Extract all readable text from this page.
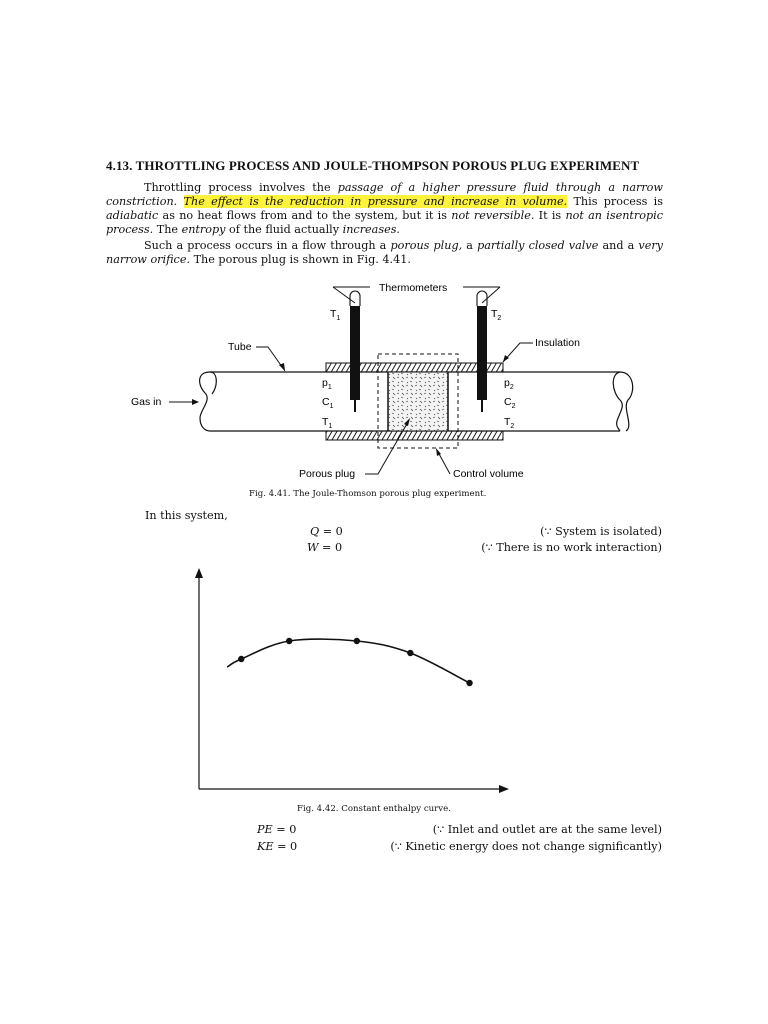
4.13. THROTTLING PROCESS AND JOULE-THOMPSON POROUS PLUG EXPERIMENT
Throttling process involves the passage of a higher pressure fluid through a narrow constriction. The effect is the reduction in pressure and increase in volume. This process is adiabatic as no heat flows from and to the system, but it is not reversible. It is not an isentropic process. The entropy of the fluid actually increases.
Such a process occurs in a flow through a porous plug, a partially closed valve and a very narrow orifice. The porous plug is shown in Fig. 4.41.
Thermometers
$T_1$	$T_2$
Tube	Insulation
Gas in
$p_1$
$C_1$
$T_1$
$p_2$
$C_2$
$T_2$
Porous plug	Control volume
Fig. 4.41. The Joule-Thomson porous plug experiment.
In this system,
Q = 0	(∵ System is isolated)
W = 0	(∵ There is no work interaction)
Fig. 4.42. Constant enthalpy curve.
PE = 0	(∵ Inlet and outlet are at the same level)
KE = 0	(∵ Kinetic energy does not change significantly)
